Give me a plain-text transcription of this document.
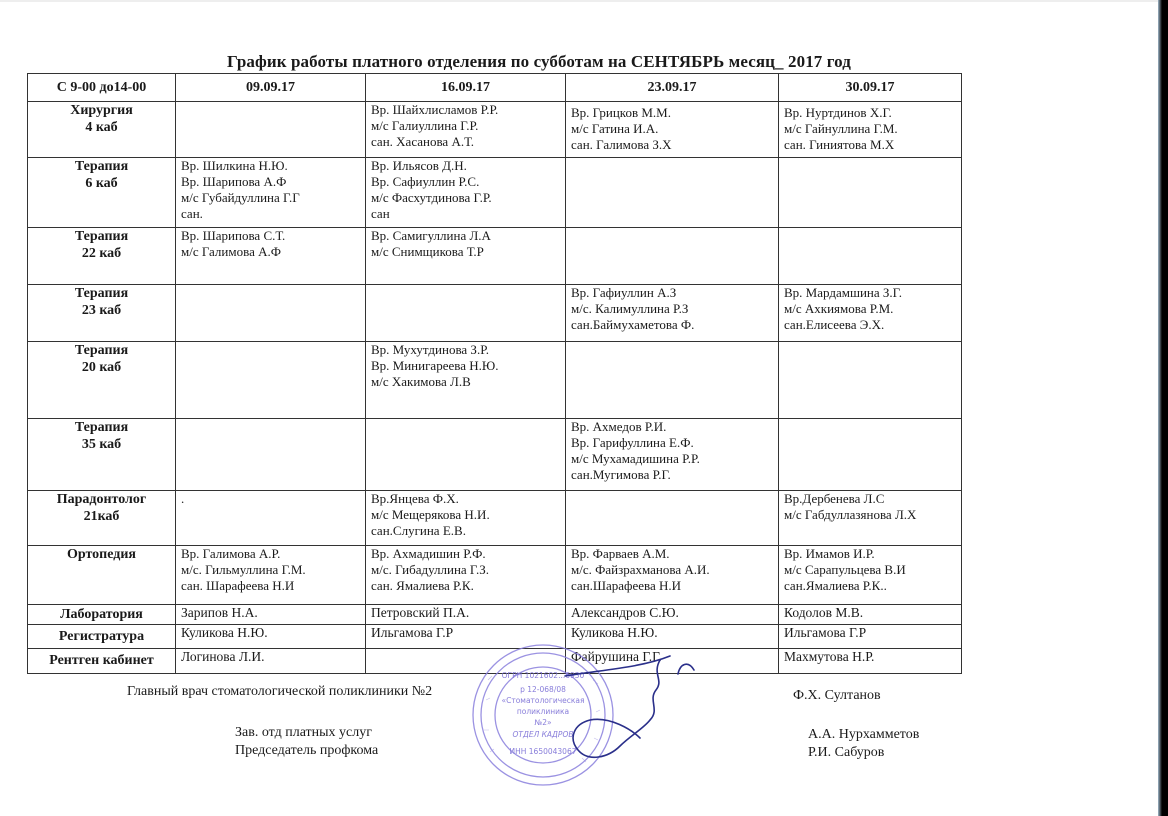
График работы платного отделения по субботам на СЕНТЯБРЬ месяц_ 2017 год
С 9-00 до14-00	09.09.17	16.09.17	23.09.17	30.09.17

Хирургия
4 каб		Вр. Шайхлисламов Р.Р.
м/с Галиуллина Г.Р.
сан. Хасанова А.Т.	Вр. Грицков М.М.
м/с Гатина И.А.
сан. Галимова З.Х	Вр. Нуртдинов Х.Г.
м/с Гайнуллина Г.М.
сан. Гиниятова М.Х

Терапия
6 каб	Вр. Шилкина Н.Ю.
Вр. Шарипова А.Ф
м/с Губайдуллина Г.Г
сан.	Вр. Ильясов Д.Н.
Вр. Сафиуллин Р.С.
м/с Фасхутдинова Г.Р.
сан		

Терапия
22 каб	Вр. Шарипова С.Т.
м/с Галимова А.Ф	Вр. Самигуллина Л.А
м/с Снимщикова Т.Р		

Терапия
23 каб			Вр. Гафиуллин А.З
м/с. Калимуллина Р.З
сан.Баймухаметова Ф.	Вр. Мардамшина З.Г.
м/с Ахкиямова Р.М.
сан.Елисеева Э.Х.

Терапия
20 каб		Вр. Мухутдинова З.Р.
Вр. Минигареева Н.Ю.
м/с Хакимова Л.В		

Терапия
35 каб			Вр. Ахмедов Р.И.
Вр. Гарифуллина Е.Ф.
м/с Мухамадишина Р.Р.
сан.Мугимова Р.Г.	

Парадонтолог
21каб	.	Вр.Янцева Ф.Х.
м/с Мещерякова Н.И.
сан.Слугина Е.В.		Вр.Дербенева Л.С
м/с Габдуллазянова Л.Х

Ортопедия	Вр. Галимова А.Р.
м/с. Гильмуллина Г.М.
сан. Шарафеева Н.И	Вр. Ахмадишин Р.Ф.
м/с. Гибадуллина Г.З.
сан. Ямалиева Р.К.	Вр. Фарваев А.М.
м/с. Файзрахманова А.И.
сан.Шарафеева Н.И	Вр. Имамов И.Р.
м/с Сарапульцева В.И
сан.Ямалиева Р.К..

Лаборатория	Зарипов Н.А.	Петровский П.А.	Александров С.Ю.	Кодолов М.В.

Регистратура	Куликова Н.Ю.	Ильгамова Г.Р	Куликова Н.Ю.	Ильгамова Г.Р

Рентген кабинет	Логинова Л.И.		Файрушина Г.Г.	Махмутова Н.Р.
ОГРН 1021602...6930
р 12-068/08
«Стоматологическая
поликлиника
№2»
ОТДЕЛ КАДРОВ
ИНН 1650043067
Главный врач стоматологической поликлиники №2	Ф.Х. Султанов
Зав. отд платных услуг	А.А. Нурхамметов
Председатель профкома	Р.И. Сабуров
